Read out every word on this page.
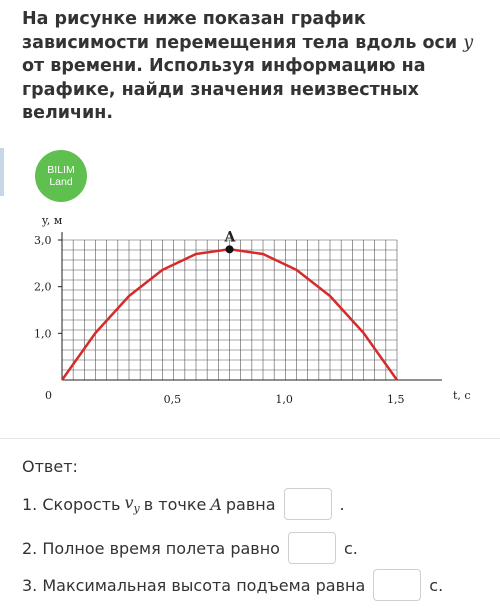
На рисунке ниже показан график зависимости перемещения тела вдоль оси y от времени. Используя информацию на графике, найди значения неизвестных величин.
BILIM
Land
A
y, м
t, c
1,0
2,0
3,0
0,5	1,0	1,5
0
Ответ:
1. Скорость $v_y$ в точке A равна	.
2. Полное время полета равно	с.
3. Максимальная высота подъема равна	с.
